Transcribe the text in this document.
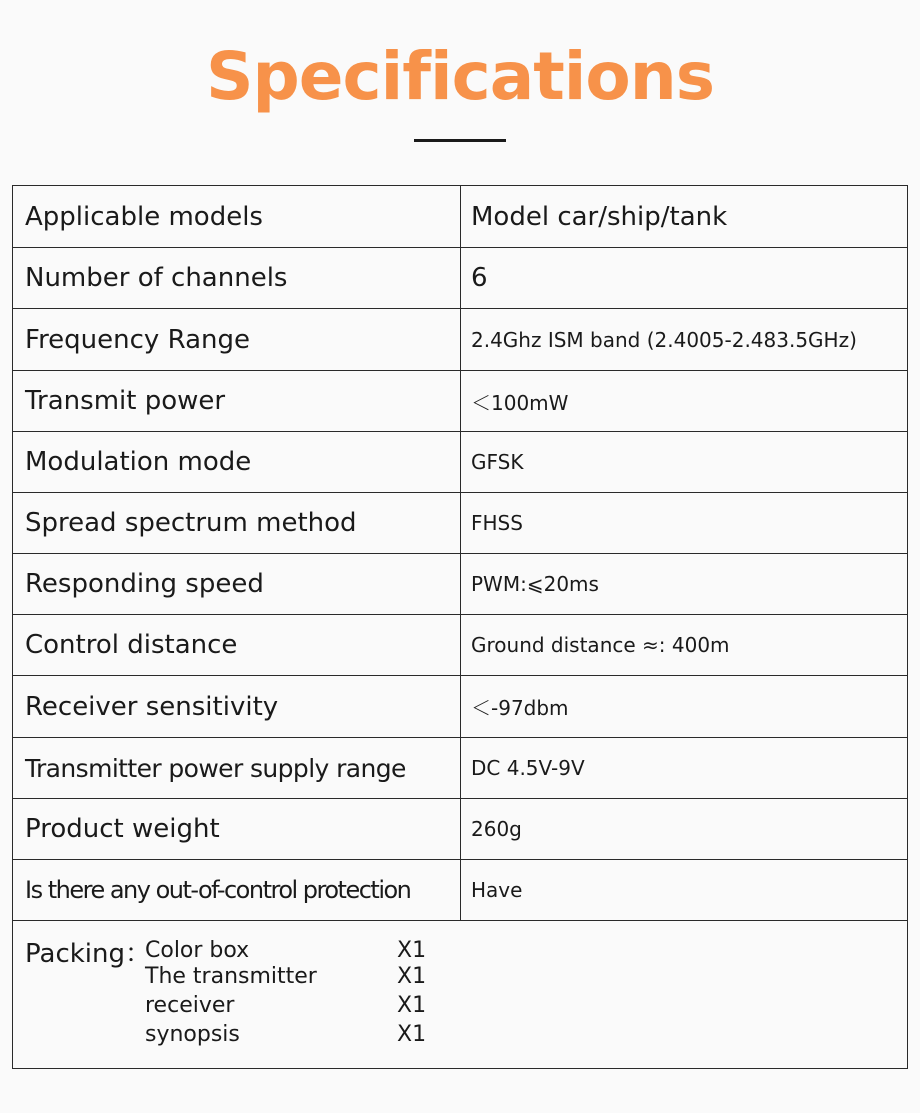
Specifications
Applicable models	Model car/ship/tank
Number of channels	6
Frequency Range	2.4Ghz ISM band (2.4005-2.483.5GHz)
Transmit power	＜100mW
Modulation mode	GFSK
Spread spectrum method	FHSS
Responding speed	PWM:⩽20ms
Control distance	Ground distance ≈: 400m
Receiver sensitivity	＜-97dbm
Transmitter power supply range	DC 4.5V-9V
Product weight	260g
Is there any out-of-control protection	Have
Packing：
Color box	X1
The transmitter	X1
receiver	X1
synopsis	X1
